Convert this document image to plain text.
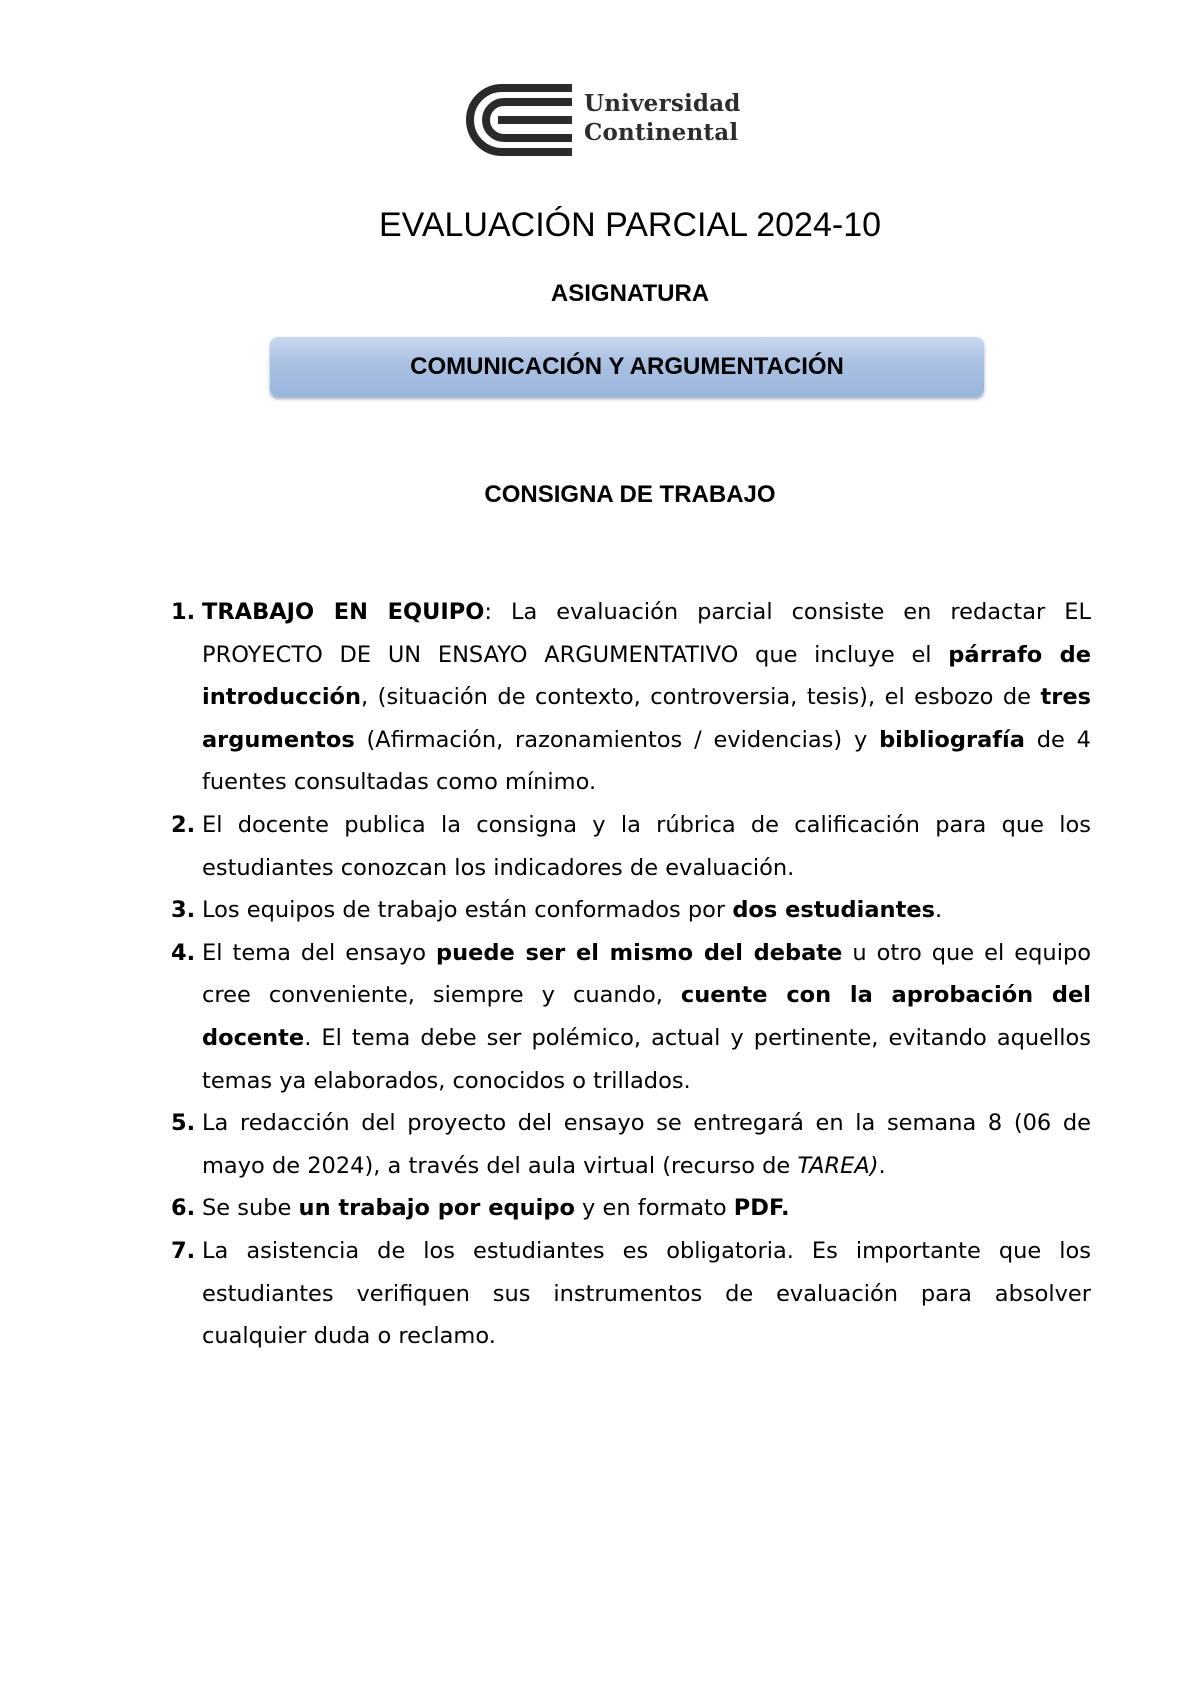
Universidad
Continental
EVALUACIÓN PARCIAL 2024-10
ASIGNATURA
COMUNICACIÓN Y ARGUMENTACIÓN
CONSIGNA DE TRABAJO
1. TRABAJO EN EQUIPO: La evaluación parcial consiste en redactar EL PROYECTO DE UN ENSAYO ARGUMENTATIVO que incluye el párrafo de introducción, (situación de contexto, controversia, tesis), el esbozo de tres argumentos (Afirmación, razonamientos / evidencias) y bibliografía de 4 fuentes consultadas como mínimo.
2. El docente publica la consigna y la rúbrica de calificación para que los estudiantes conozcan los indicadores de evaluación.
3. Los equipos de trabajo están conformados por dos estudiantes.
4. El tema del ensayo puede ser el mismo del debate u otro que el equipo cree conveniente, siempre y cuando, cuente con la aprobación del docente. El tema debe ser polémico, actual y pertinente, evitando aquellos temas ya elaborados, conocidos o trillados.
5. La redacción del proyecto del ensayo se entregará en la semana 8 (06 de mayo de 2024), a través del aula virtual (recurso de TAREA).
6. Se sube un trabajo por equipo y en formato PDF.
7. La asistencia de los estudiantes es obligatoria. Es importante que los estudiantes verifiquen sus instrumentos de evaluación para absolver cualquier duda o reclamo.
